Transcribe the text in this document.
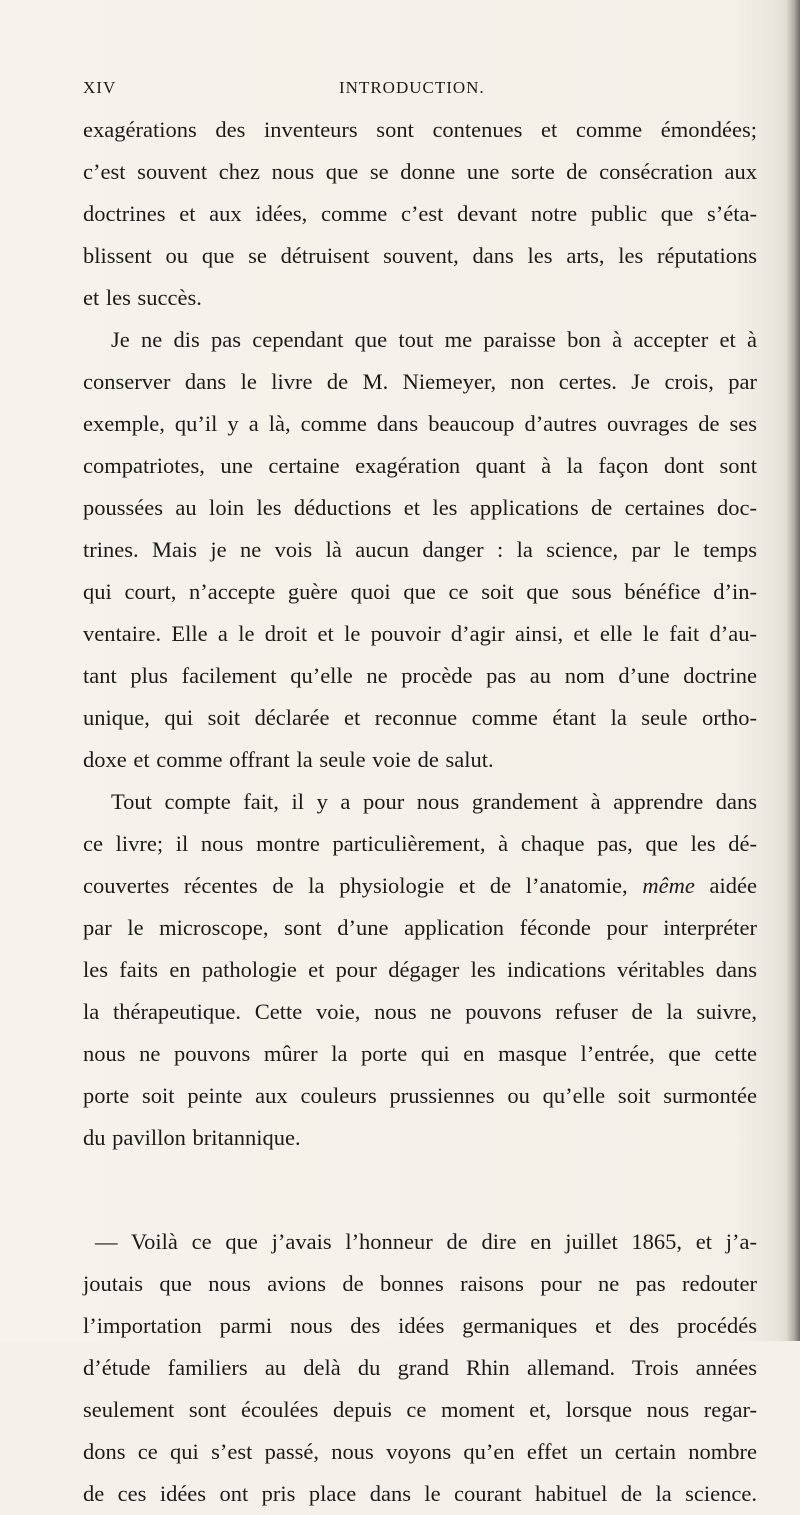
XIV	INTRODUCTION.
exagérations des inventeurs sont contenues et comme émondées;
c’est souvent chez nous que se donne une sorte de consécration aux
doctrines et aux idées, comme c’est devant notre public que s’éta-
blissent ou que se détruisent souvent, dans les arts, les réputations
et les succès.
Je ne dis pas cependant que tout me paraisse bon à accepter et à
conserver dans le livre de M. Niemeyer, non certes. Je crois, par
exemple, qu’il y a là, comme dans beaucoup d’autres ouvrages de ses
compatriotes, une certaine exagération quant à la façon dont sont
poussées au loin les déductions et les applications de certaines doc-
trines. Mais je ne vois là aucun danger : la science, par le temps
qui court, n’accepte guère quoi que ce soit que sous bénéfice d’in-
ventaire. Elle a le droit et le pouvoir d’agir ainsi, et elle le fait d’au-
tant plus facilement qu’elle ne procède pas au nom d’une doctrine
unique, qui soit déclarée et reconnue comme étant la seule ortho-
doxe et comme offrant la seule voie de salut.
Tout compte fait, il y a pour nous grandement à apprendre dans
ce livre; il nous montre particulièrement, à chaque pas, que les dé-
couvertes récentes de la physiologie et de l’anatomie, même aidée
par le microscope, sont d’une application féconde pour interpréter
les faits en pathologie et pour dégager les indications véritables dans
la thérapeutique. Cette voie, nous ne pouvons refuser de la suivre,
nous ne pouvons mûrer la porte qui en masque l’entrée, que cette
porte soit peinte aux couleurs prussiennes ou qu’elle soit surmontée
du pavillon britannique.
— Voilà ce que j’avais l’honneur de dire en juillet 1865, et j’a-
joutais que nous avions de bonnes raisons pour ne pas redouter
l’importation parmi nous des idées germaniques et des procédés
d’étude familiers au delà du grand Rhin allemand. Trois années
seulement sont écoulées depuis ce moment et, lorsque nous regar-
dons ce qui s’est passé, nous voyons qu’en effet un certain nombre
de ces idées ont pris place dans le courant habituel de la science.
